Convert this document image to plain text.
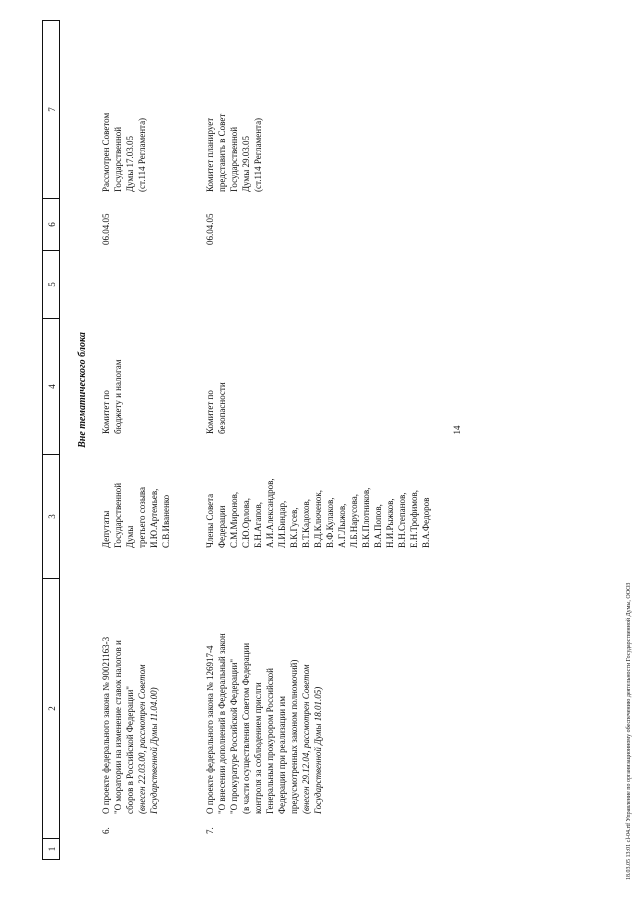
14
18.03.05 13:01 cl-04.rtf Управление по организационному обеспечению деятельности Государственной Думы, ООО3
1
2
3
4
5
6
7
Вне тематического блока
6.
О проекте федерального закона № 90021163-3 "О моратории на изменение ставок налогов и сборов в Российской Федерации" (внесен 22.03.00, рассмотрен Советом Государственной Думы 11.04.00)
Депутаты Государственной Думы третьего созыва И.Ю.Артемьев, С.В.Иваненко
Комитет по бюджету и налогам
06.04.05
Рассмотрен Советом Государственной Думы 17.03.05 (ст.114 Регламента)
7.
О проекте федерального закона № 126917-4 "О внесении дополнений в Федеральный закон "О прокуратуре Российской Федерации" (в части осуществления Советом Федерации контроля за соблюдением прислги Генеральным прокурором Российской Федерации при реализации им предусмотренных законом полномочий) (внесен 29.12.04, рассмотрен Советом Государственной Думы 18.01.05)
Члены Совета Федерации С.М.Миронов, С.Ю.Орлова, Б.Н.Агапов, А.И.Александров, Л.И.Биндар, В.К.Гусев, В.Т.Кадохов, В.Д.Ключенок, В.Ф.Кулаков, А.Г.Лыжов, Л.Б.Нарусова, В.К.Плотников, В.А.Попов, Н.И.Рыжков, В.Н.Степанов, Е.Н.Трофимов, В.А.Федоров
Комитет по безопасности
06.04.05
Комитет планирует представить в Совет Государственной Думы 29.03.05 (ст.114 Регламента)
